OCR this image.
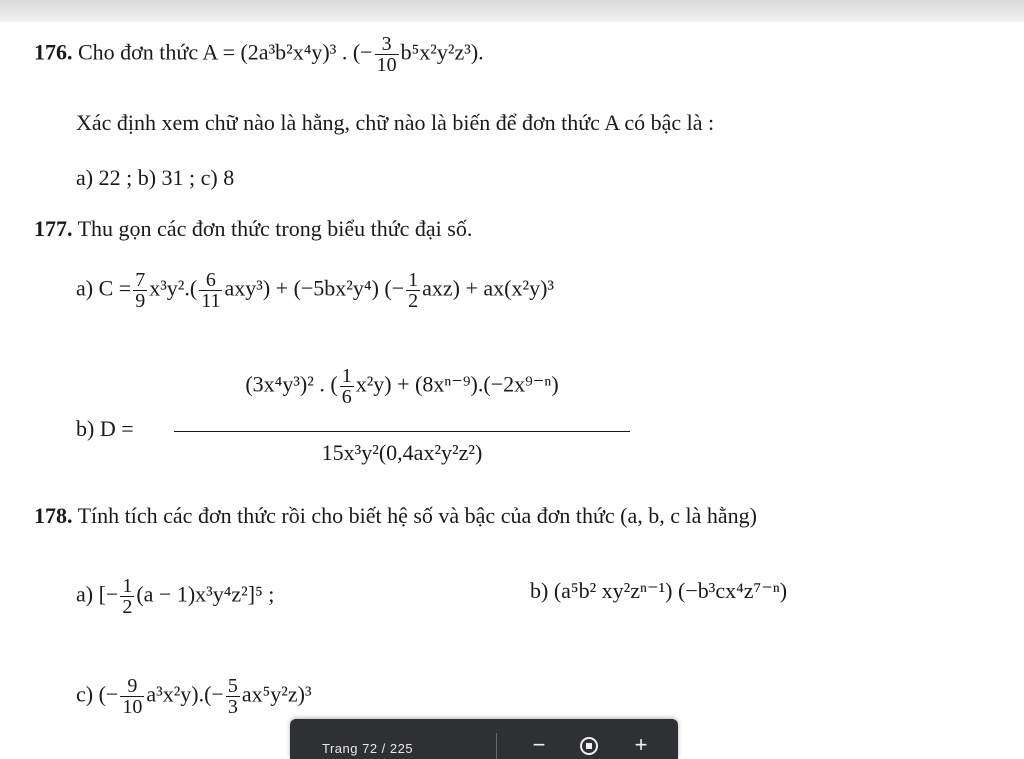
176. Cho đơn thức A = (2a³b²x⁴y)³ . (− $\frac{3}{10} b^5x^2y^2z^3$).
Xác định xem chữ nào là hằng, chữ nào là biến để đơn thức A có bậc là :
a) 22 ; b) 31 ; c) 8
177. Thu gọn các đơn thức trong biểu thức đại số.
a) $C = \frac{7}{9} x^3y^2.( \frac{6}{11} axy^3) + (-5bx^2y^4)$ (− $\frac{1}{2} axz) + ax(x^2y)^3$
b) D =
(3x⁴y³)² . ( $\frac{1}{6} x^2y) + (8x^{n-9}).(-2x^{9-n})$
15x³y²(0,4ax²y²z²)
178. Tính tích các đơn thức rồi cho biết hệ số và bậc của đơn thức (a, b, c là hằng)
a) [− $\frac{1}{2} (a - 1)x^3y^4z^2]^5$ ;	b) (a⁵b² xy²zⁿ⁻¹) (−b³cx⁴z⁷⁻ⁿ)
c) (− $\frac{9}{10} a^3x^2y).(- \frac{5}{3} ax^5y^2z)^3$
Trang 72 / 225	−	+
